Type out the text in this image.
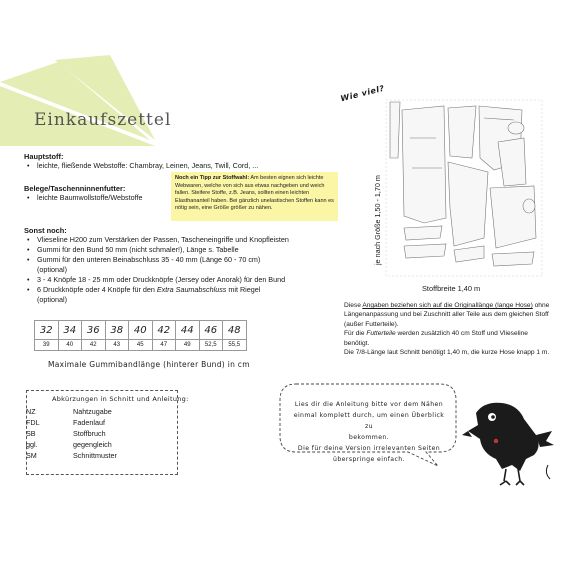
Einkaufszettel
Hauptstoff:
• leichte, fließende Webstoffe: Chambray, Leinen, Jeans, Twill, Cord, ...
Belege/Taschenninnenfutter:
• leichte Baumwollstoffe/Webstoffe
Noch ein Tipp zur Stoffwahl: Am besten eignen sich leichte Webwaren, welche von sich aus etwas nachgeben und weich fallen. Steifere Stoffe, z.B. Jeans, sollten einen leichten Elasthananteil haben. Bei gänzlich unelastischen Stoffen kann es nötig sein, eine Größe größer zu nähen.
Sonst noch:
• Vlieseline H200 zum Verstärken der Passen, Tascheneingriffe und Knopfleisten
• Gummi für den Bund 50 mm (nicht schmaler!), Länge s. Tabelle
• Gummi für den unteren Beinabschluss 35 - 40 mm (Länge 60 - 70 cm)
(optional)
• 3 - 4 Knöpfe 18 - 25 mm oder Druckknöpfe (Jersey oder Anorak) für den Bund
• 6 Druckknöpfe oder 4 Knöpfe für den Extra Saumabschluss mit Riegel
(optional)
32	34	36	38	40	42	44	46	48
39	40	42	43	45	47	49	52,5	55,5
Maximale Gummibandlänge (hinterer Bund) in cm
Abkürzungen in Schnitt und Anleitung:
NZ	Nahtzugabe
FDL	Fadenlauf
SB	Stoffbruch
ggl.	gegengleich
SM	Schnittmuster
Wie viel?
je nach Größe 1,50 - 1,70 m
Stoffbreite 1,40 m
Diese Angaben beziehen sich auf die Originallänge (lange Hose) ohne Längenanpassung und bei Zuschnitt aller Teile aus dem gleichen Stoff (außer Futterteile).
Für die Futterteile werden zusätzlich 40 cm Stoff und Vlieseline benötigt.
Die 7/8-Länge laut Schnitt benötigt 1,40 m, die kurze Hose knapp 1 m.
Lies dir die Anleitung bitte vor dem Nähen
einmal komplett durch, um einen Überblick zu
bekommen.
Die für deine Version irrelevanten Seiten
überspringe einfach.
